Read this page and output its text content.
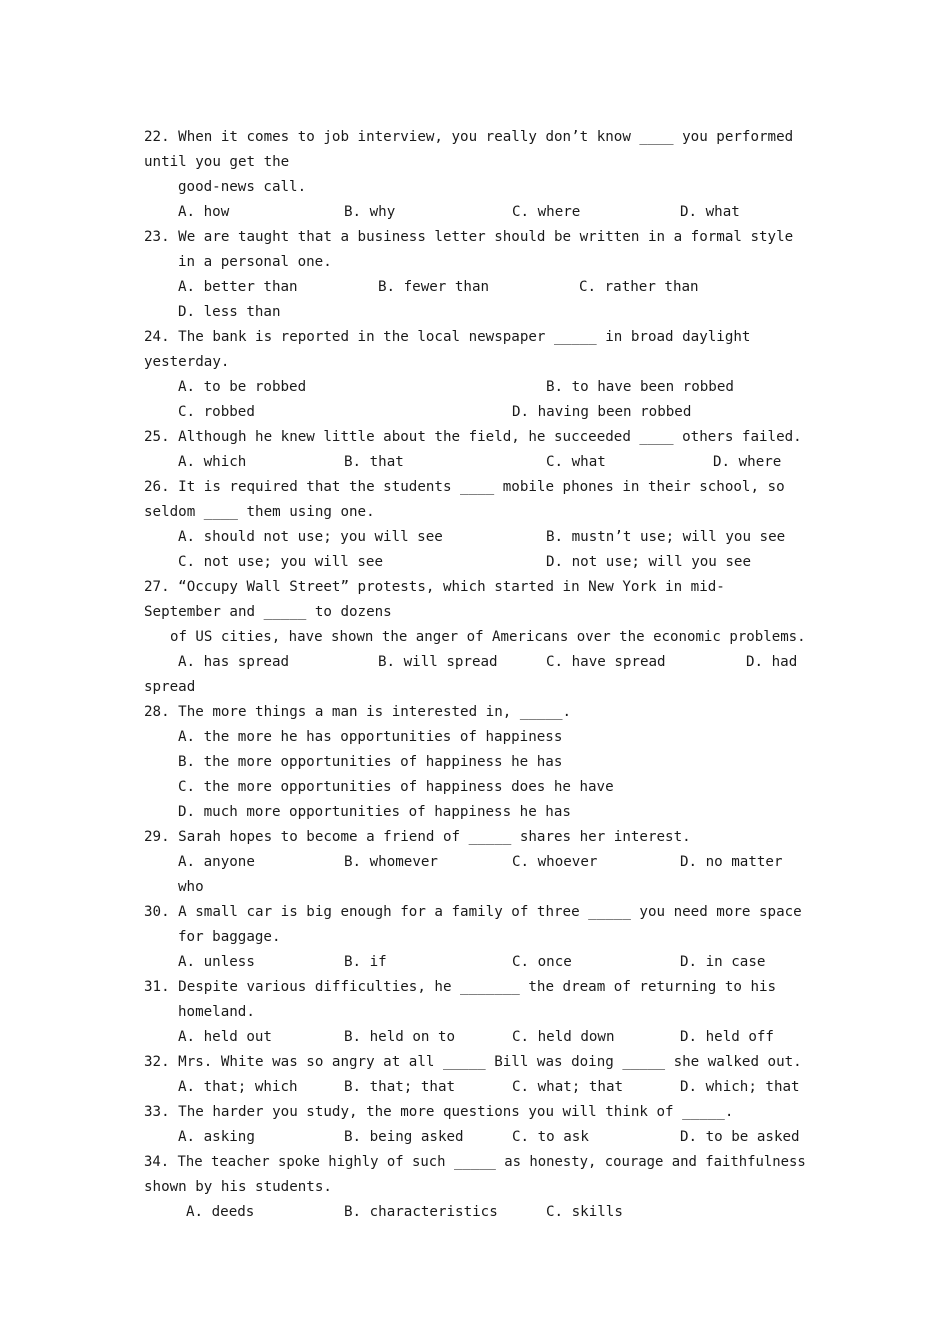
22. When it comes to job interview, you really don’t know ____ you performed
until you get the
good-news call.
A. how	B. why	C. where	D. what
23. We are taught that a business letter should be written in a formal style
in a personal one.
A. better than	B. fewer than	C. rather than
D. less than
24. The bank is reported in the local newspaper _____ in broad daylight
yesterday.
A. to be robbed	B. to have been robbed
C. robbed	D. having been robbed
25. Although he knew little about the field, he succeeded ____ others failed.
A. which	B. that	C. what	D. where
26. It is required that the students ____ mobile phones in their school, so
seldom ____ them using one.
A. should not use; you will see	B. mustn’t use; will you see
C. not use; you will see	D. not use; will you see
27. “Occupy Wall Street” protests, which started in New York in mid-
September and _____ to dozens
of US cities, have shown the anger of Americans over the economic problems.
A. has spread	B. will spread	C. have spread	D. had
spread
28. The more things a man is interested in, _____.
A. the more he has opportunities of happiness
B. the more opportunities of happiness he has
C. the more opportunities of happiness does he have
D. much more opportunities of happiness he has
29. Sarah hopes to become a friend of _____ shares her interest.
A. anyone	B. whomever	C. whoever	D. no matter
who
30. A small car is big enough for a family of three _____ you need more space
for baggage.
A. unless	B. if	C. once	D. in case
31. Despite various difficulties, he _______ the dream of returning to his
homeland.
A. held out	B. held on to	C. held down	D. held off
32. Mrs. White was so angry at all _____ Bill was doing _____ she walked out.
A. that; which	B. that; that	C. what; that	D. which; that
33. The harder you study, the more questions you will think of _____.
A. asking	B. being asked	C. to ask	D. to be asked
34. The teacher spoke highly of such _____ as honesty, courage and faithfulness
shown by his students.
A. deeds	B. characteristics	C. skills
